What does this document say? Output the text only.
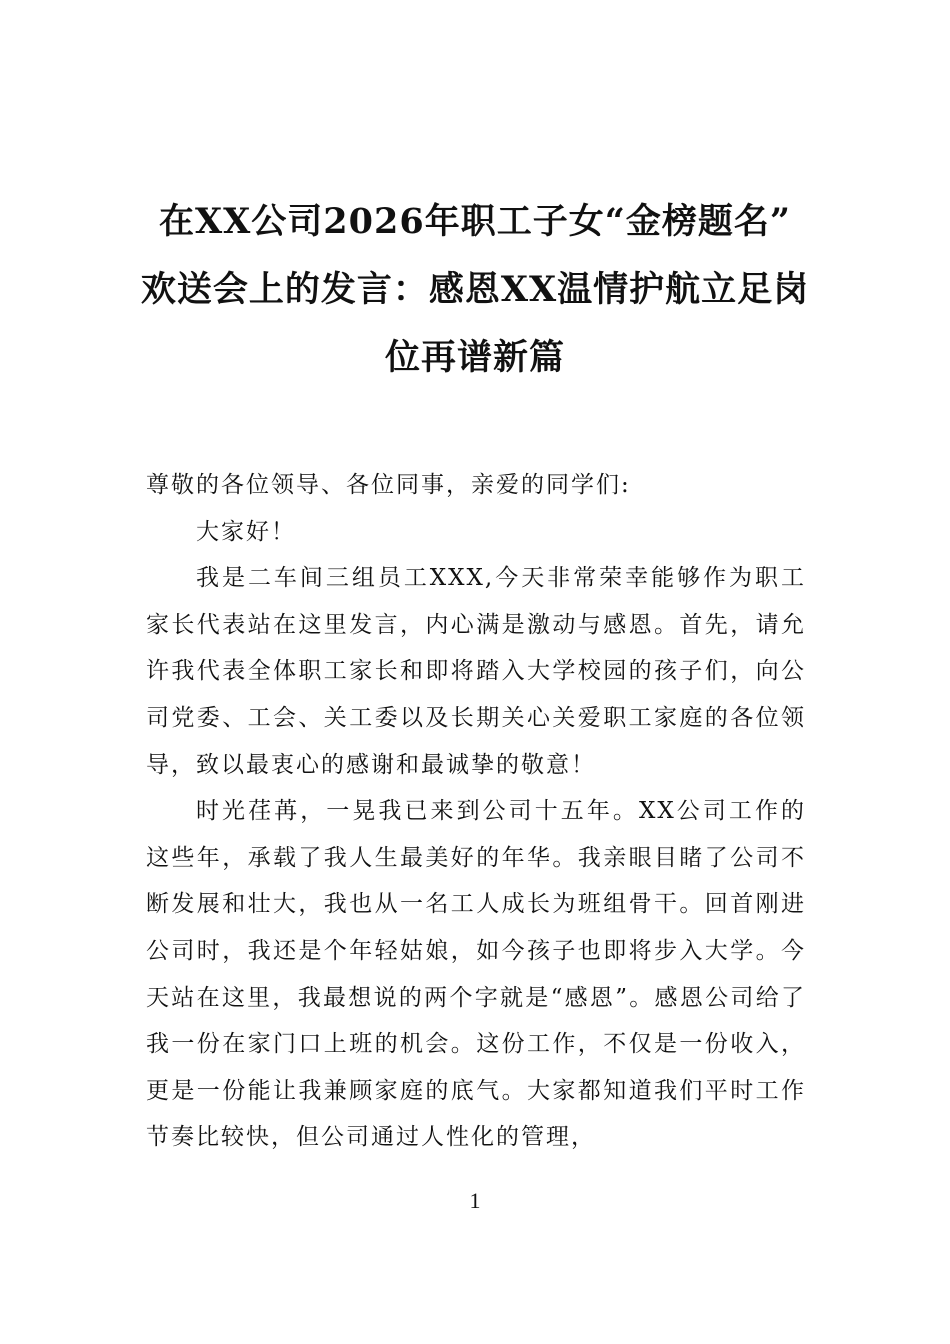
在XX公司2026年职工子女“金榜题名”
欢送会上的发言：感恩XX温情护航立足岗
位再谱新篇

尊敬的各位领导、各位同事，亲爱的同学们:

大家好！

我是二车间三组员工XXX,今天非常荣幸能够作为职工家长代表站在这里发言，内心满是激动与感恩。首先，请允许我代表全体职工家长和即将踏入大学校园的孩子们，向公司党委、工会、关工委以及长期关心关爱职工家庭的各位领导，致以最衷心的感谢和最诚挚的敬意！

时光荏苒，一晃我已来到公司十五年。XX公司工作的这些年，承载了我人生最美好的年华。我亲眼目睹了公司不断发展和壮大，我也从一名工人成长为班组骨干。回首刚进公司时，我还是个年轻姑娘，如今孩子也即将步入大学。今天站在这里，我最想说的两个字就是“感恩”。感恩公司给了我一份在家门口上班的机会。这份工作，不仅是一份收入，更是一份能让我兼顾家庭的底气。大家都知道我们平时工作节奏比较快，但公司通过人性化的管理，

1
